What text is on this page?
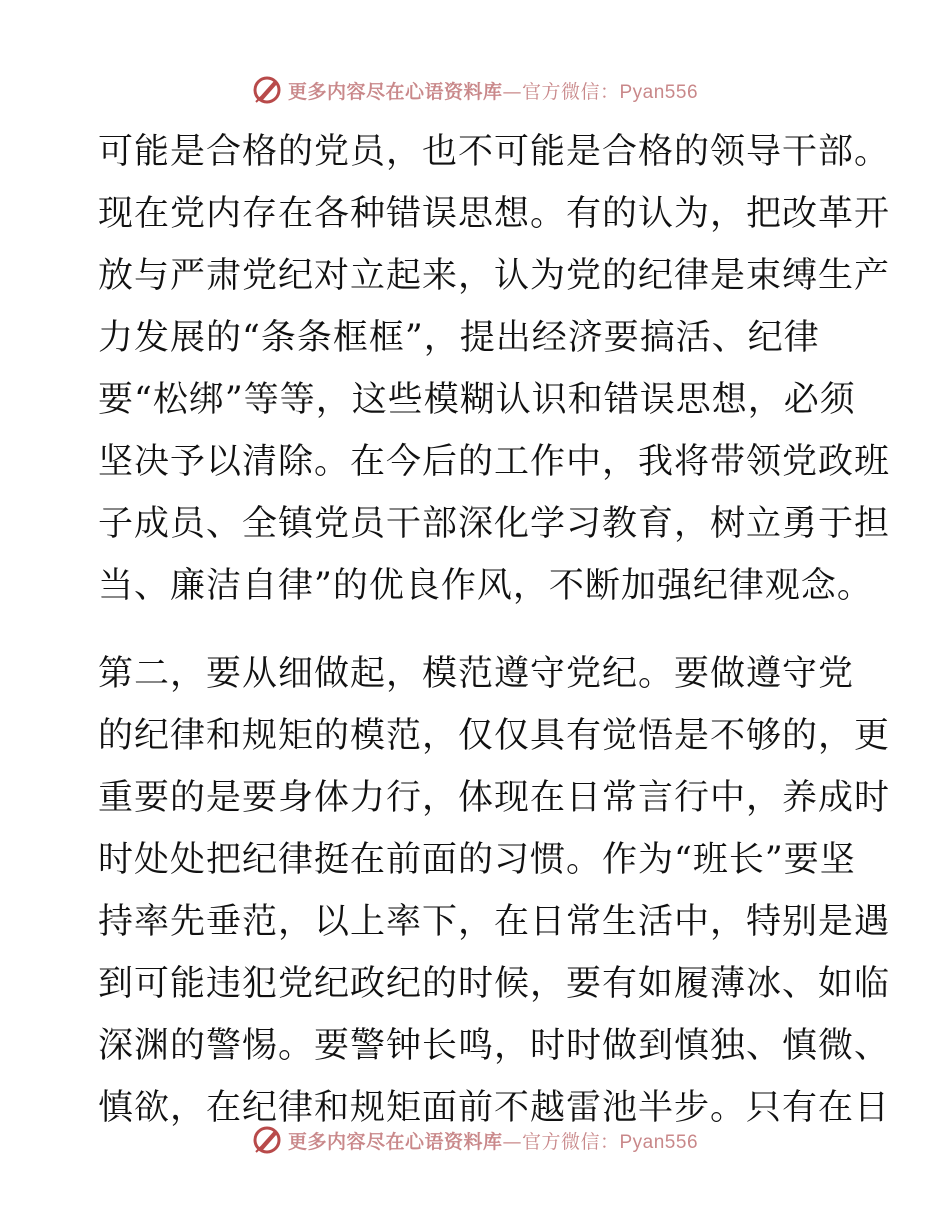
更多内容尽在心语资料库—官方微信：Pyan556
可能是合格的党员，也不可能是合格的领导干部。
现在党内存在各种错误思想。有的认为，把改革开
放与严肃党纪对立起来，认为党的纪律是束缚生产
力发展的“条条框框”，提出经济要搞活、纪律
要“松绑”等等，这些模糊认识和错误思想，必须
坚决予以清除。在今后的工作中，我将带领党政班
子成员、全镇党员干部深化学习教育，树立勇于担
当、廉洁自律”的优良作风，不断加强纪律观念。
第二，要从细做起，模范遵守党纪。要做遵守党
的纪律和规矩的模范，仅仅具有觉悟是不够的，更
重要的是要身体力行，体现在日常言行中，养成时
时处处把纪律挺在前面的习惯。作为“班长”要坚
持率先垂范，以上率下，在日常生活中，特别是遇
到可能违犯党纪政纪的时候，要有如履薄冰、如临
深渊的警惕。要警钟长鸣，时时做到慎独、慎微、
慎欲，在纪律和规矩面前不越雷池半步。只有在日
更多内容尽在心语资料库—官方微信：Pyan556
